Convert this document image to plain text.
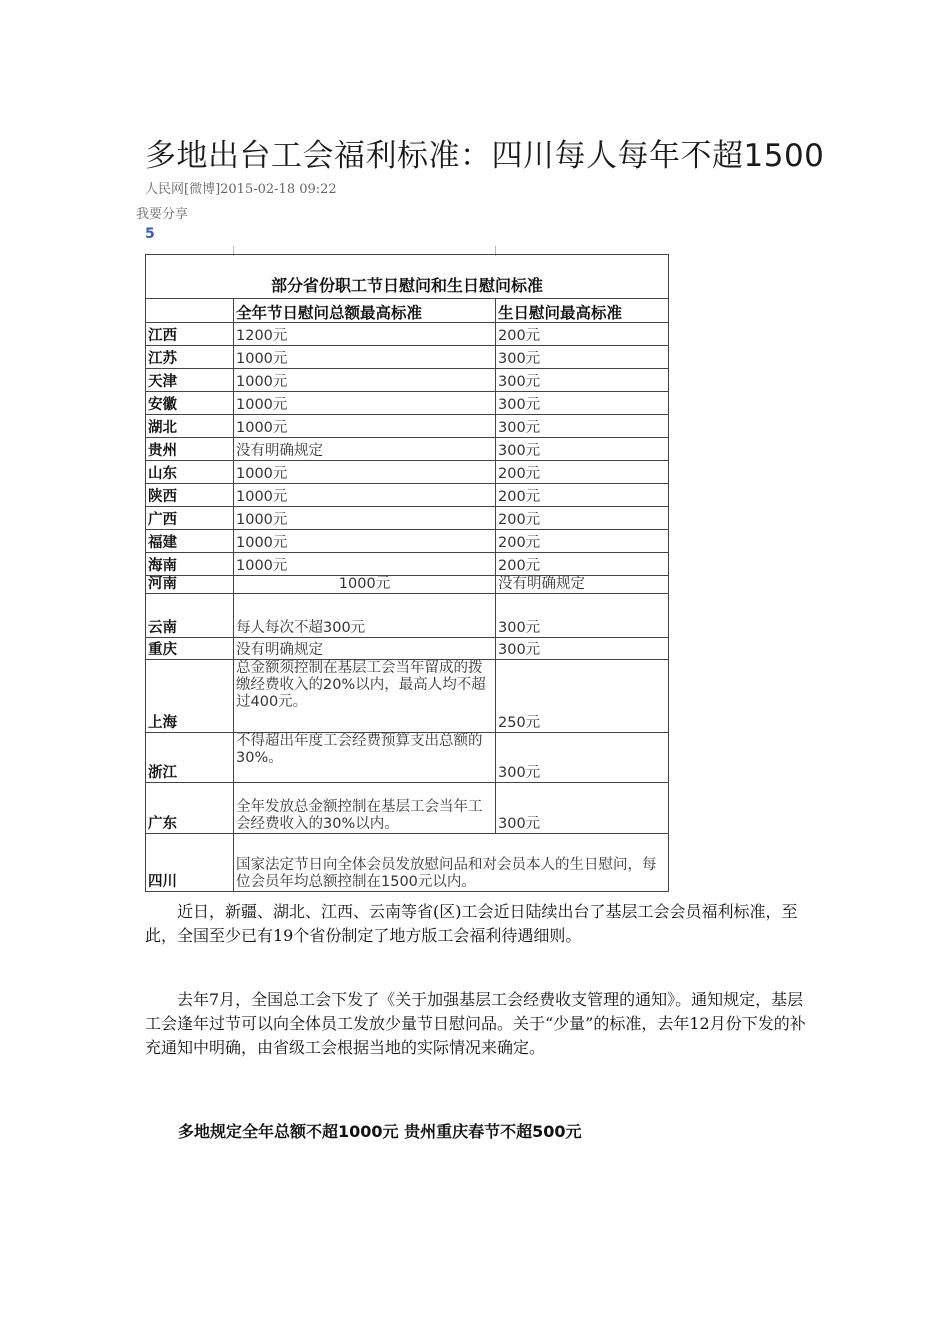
多地出台工会福利标准：四川每人每年不超1500
人民网[微博]2015-02-18 09:22
我要分享
5
部分省份职工节日慰问和生日慰问标准		
	全年节日慰问总额最高标准	生日慰问最高标准
江西	1200元	200元
江苏	1000元	300元
天津	1000元	300元
安徽	1000元	300元
湖北	1000元	300元
贵州	没有明确规定	300元
山东	1000元	200元
陕西	1000元	200元
广西	1000元	200元
福建	1000元	200元
海南	1000元	200元
河南	1000元	没有明确规定
云南	每人每次不超300元	300元
重庆	没有明确规定	300元
上海	总金额须控制在基层工会当年留成的拨缴经费收入的20%以内，最高人均不超过400元。	250元
浙江	不得超出年度工会经费预算支出总额的30%。	300元
广东	全年发放总金额控制在基层工会当年工会经费收入的30%以内。	300元
四川	国家法定节日向全体会员发放慰问品和对会员本人的生日慰问，每位会员年均总额控制在1500元以内。	
近日，新疆、湖北、江西、云南等省(区)工会近日陆续出台了基层工会会员福利标准，至此，全国至少已有19个省份制定了地方版工会福利待遇细则。
去年7月，全国总工会下发了《关于加强基层工会经费收支管理的通知》。通知规定，基层工会逢年过节可以向全体员工发放少量节日慰问品。关于“少量”的标准，去年12月份下发的补充通知中明确，由省级工会根据当地的实际情况来确定。
多地规定全年总额不超1000元 贵州重庆春节不超500元
